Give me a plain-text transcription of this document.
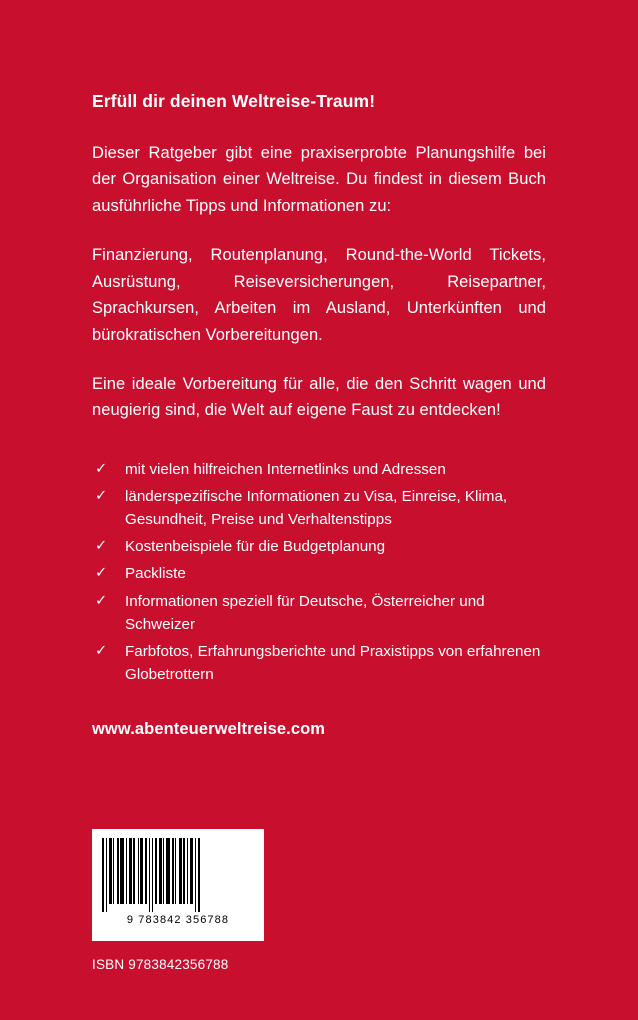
Erfüll dir deinen Weltreise-Traum!

Dieser Ratgeber gibt eine praxiserprobte Planungshilfe bei der Organisation einer Weltreise. Du findest in diesem Buch ausführliche Tipps und Informationen zu:

Finanzierung, Routenplanung, Round-the-World Tickets, Ausrüstung, Reiseversicherungen, Reisepartner, Sprachkursen, Arbeiten im Ausland, Unterkünften und bürokratischen Vorbereitungen.

Eine ideale Vorbereitung für alle, die den Schritt wagen und neugierig sind, die Welt auf eigene Faust zu entdecken!

✓ mit vielen hilfreichen Internetlinks und Adressen
✓ länderspezifische Informationen zu Visa, Einreise, Klima, Gesundheit, Preise und Verhaltenstipps
✓ Kostenbeispiele für die Budgetplanung
✓ Packliste
✓ Informationen speziell für Deutsche, Österreicher und Schweizer
✓ Farbfotos, Erfahrungsberichte und Praxistipps von erfahrenen Globetrottern

www.abenteuerweltreise.com

9 783842 356788
ISBN 9783842356788
